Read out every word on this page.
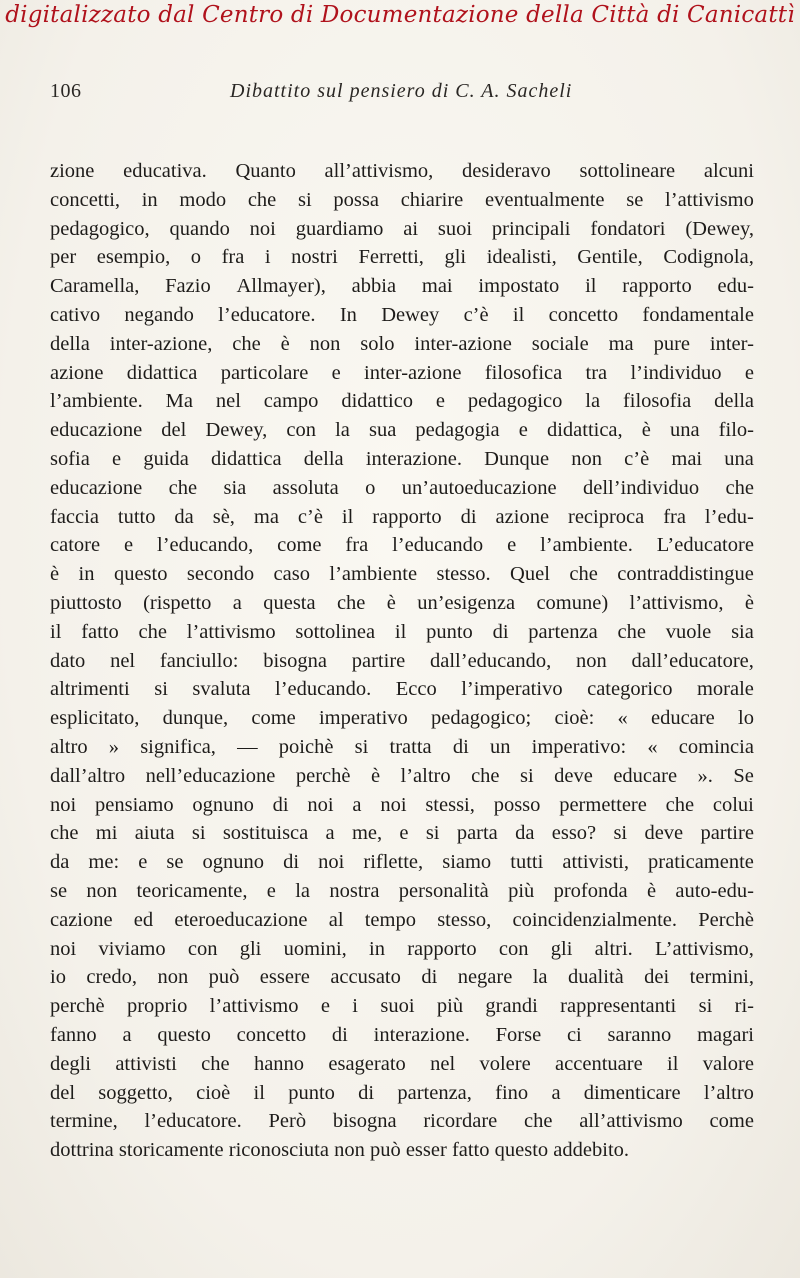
digitalizzato dal Centro di Documentazione della Città di Canicattì
106	Dibattito sul pensiero di C. A. Sacheli
zione educativa. Quanto all’attivismo, desideravo sottolineare alcuni
concetti, in modo che si possa chiarire eventualmente se l’attivismo
pedagogico, quando noi guardiamo ai suoi principali fondatori (Dewey,
per esempio, o fra i nostri Ferretti, gli idealisti, Gentile, Codignola,
Caramella, Fazio Allmayer), abbia mai impostato il rapporto edu-
cativo negando l’educatore. In Dewey c’è il concetto fondamentale
della inter-azione, che è non solo inter-azione sociale ma pure inter-
azione didattica particolare e inter-azione filosofica tra l’individuo e
l’ambiente. Ma nel campo didattico e pedagogico la filosofia della
educazione del Dewey, con la sua pedagogia e didattica, è una filo-
sofia e guida didattica della interazione. Dunque non c’è mai una
educazione che sia assoluta o un’autoeducazione dell’individuo che
faccia tutto da sè, ma c’è il rapporto di azione reciproca fra l’edu-
catore e l’educando, come fra l’educando e l’ambiente. L’educatore
è in questo secondo caso l’ambiente stesso. Quel che contraddistingue
piuttosto (rispetto a questa che è un’esigenza comune) l’attivismo, è
il fatto che l’attivismo sottolinea il punto di partenza che vuole sia
dato nel fanciullo: bisogna partire dall’educando, non dall’educatore,
altrimenti si svaluta l’educando. Ecco l’imperativo categorico morale
esplicitato, dunque, come imperativo pedagogico; cioè: « educare lo
altro » significa, — poichè si tratta di un imperativo: « comincia
dall’altro nell’educazione perchè è l’altro che si deve educare ». Se
noi pensiamo ognuno di noi a noi stessi, posso permettere che colui
che mi aiuta si sostituisca a me, e si parta da esso? si deve partire
da me: e se ognuno di noi riflette, siamo tutti attivisti, praticamente
se non teoricamente, e la nostra personalità più profonda è auto-edu-
cazione ed eteroeducazione al tempo stesso, coincidenzialmente. Perchè
noi viviamo con gli uomini, in rapporto con gli altri. L’attivismo,
io credo, non può essere accusato di negare la dualità dei termini,
perchè proprio l’attivismo e i suoi più grandi rappresentanti si ri-
fanno a questo concetto di interazione. Forse ci saranno magari
degli attivisti che hanno esagerato nel volere accentuare il valore
del soggetto, cioè il punto di partenza, fino a dimenticare l’altro
termine, l’educatore. Però bisogna ricordare che all’attivismo come
dottrina
storicamente
riconosciuta
non
può
esser
fatto
questo
addebito.
